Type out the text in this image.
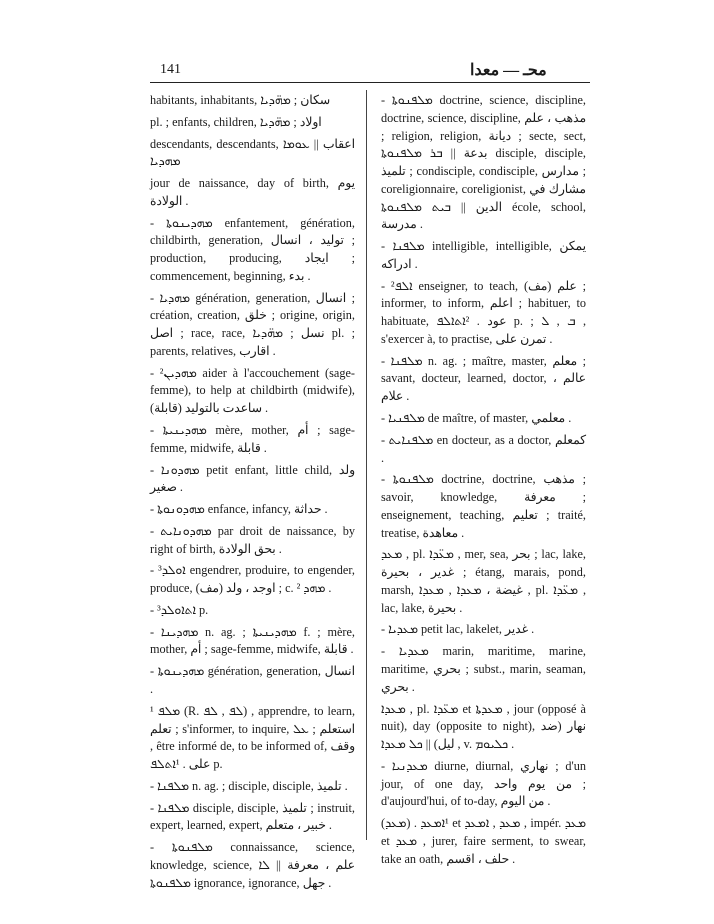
141	محـ — معدا
habitants, inhabitants, سكان ; ܡܗ̈ܕܝܐ
pl. ; enfants, children, اولاد ; ܡܗ̈ܕܝܐ
descendants, descendants, اعقاب || ܥܘܡܐ ܡܗܕܝܐ
jour de naissance, day of birth, يوم الولادة .
- ܡܗܕܝܢܘܬܐ enfantement, génération, childbirth, generation, توليد ، انسال ; production, producing, ايجاد ; commencement, beginning, بدء .
- ܡܗܕܝܐ génération, generation, انسال ; création, creation, خلق ; origine, origin, اصل ; race, race, نسل ; ܡܗ̈ܕܝܐ pl. ; parents, relatives, اقارب .
- ²ܡܗܕܝܢ aider à l'accouchement (sage-femme), to help at childbirth (midwife), ساعدت بالتوليد (قابلة) .
- ܡܗܕܝܢܝܬܐ mère, mother, أم ; sage-femme, midwife, قابلة .
- ܡܗܕܘܢܐ petit enfant, little child, ولد صغير .
- ܡܗܕܘܢܘܬܐ enfance, infancy, حداثة .
- ܡܗܕܘܢܐܝܬ par droit de naissance, by right of birth, بحق الولادة .
- ³ܐܘܠܕ engendrer, produire, to engender, produce, اوجد ، ولد (مف) ; c. ² ܡܗܕ .
- ³ܐܬܐܘܠܕ p.
- ܡܗܕܝܢܐ n. ag. ; ܡܗܕܝܢܝܬܐ f. ; mère, mother, أم ; sage-femme, midwife, قابلة .
- ܡܗܕܝܢܘܬܐ génération, generation, انسال .
¹ ܡܠܦ (R. ܠܦ , ܠܦ) , apprendre, to learn, تعلم ; s'informer, to inquire, استعلم ; ܥܠ , être informé de, to be informed of, وقف على . ¹ܐܬܠܦ p.
- ܡܠܦܢܐ n. ag. ; disciple, disciple, تلميذ .
- ܡܠܦܢܐ disciple, disciple, تلميذ ; instruit, expert, learned, expert, خبير ، متعلم .
- ܡܠܦܢܘܬܐ connaissance, science, knowledge, science, علم ، معرفة || ܠܐ ܡܠܦܢܘܬܐ ignorance, ignorance, جهل .
- ܡܠܦܢܘܬܐ doctrine, science, discipline, doctrine, science, discipline, مذهب ، علم ; religion, religion, ديانة ; secte, sect, بدعة || ܒܪ ܡܠܦܢܘܬܐ disciple, disciple, تلميذ ; condisciple, condisciple, مدارس ; coreligionnaire, coreligionist, مشارك في الدين || ܒܝܬ ܡܠܦܢܘܬܐ école, school, مدرسة .
- ܡܠܦܢܐ intelligible, intelligible, يمكن ادراكه .
- ²ܐܠܦ enseigner, to teach, علم (مف) ; informer, to inform, اعلم ; habituer, to habituate, عود . ²ܐܬܐܠܦ p. ; ܒ , ܠ , s'exercer à, to practise, تمرن على .
- ܡܠܦܢܐ n. ag. ; maître, master, معلم ; savant, docteur, learned, doctor, عالم ، علام .
- ܡܠܦܢܝܐ de maître, of master, معلمي .
- ܡܠܦܢܐܝܬ en docteur, as a doctor, كمعلم .
- ܡܠܦܢܘܬܐ doctrine, doctrine, مذهب ; savoir, knowledge, معرفة ; enseignement, teaching, تعليم ; traité, treatise, معاهدة .
ܡܥܕ , pl. ܡܥ̈ܕܐ , mer, sea, بحر ; lac, lake, غدير ، بحيرة ; étang, marais, pond, marsh, غيضة ، ܡܥܕܐ , ܡܥܕܐ , pl. ܡܥ̈ܕܐ , lac, lake, بحيرة .
- ܡܥܕܝܐ petit lac, lakelet, غدير .
- ܡܥܕܝܐ marin, maritime, marine, maritime, بحري ; subst., marin, seaman, بحري .
ܡܥܕܐ , pl. ܡܥ̈ܕܐ et ܡܥܕܬܐ , jour (opposé à nuit), day (opposite to night), نهار (ضد ليل) || ܟܠ ܡܥܕܐ , v. ܟܠܝܘܡ .
- ܡܥܕܢܝܐ diurne, diurnal, نهاري ; d'un jour, of one day, من يوم واحد ; d'aujourd'hui, of to-day, من اليوم .
(ܡܥܕ) . ¹ܐܡܥܕ et ܡܥܕ , ܐܡܥܕ , impér. ܡܥܕ et ܡܥܕ , jurer, faire serment, to swear, take an oath, حلف ، اقسم .
